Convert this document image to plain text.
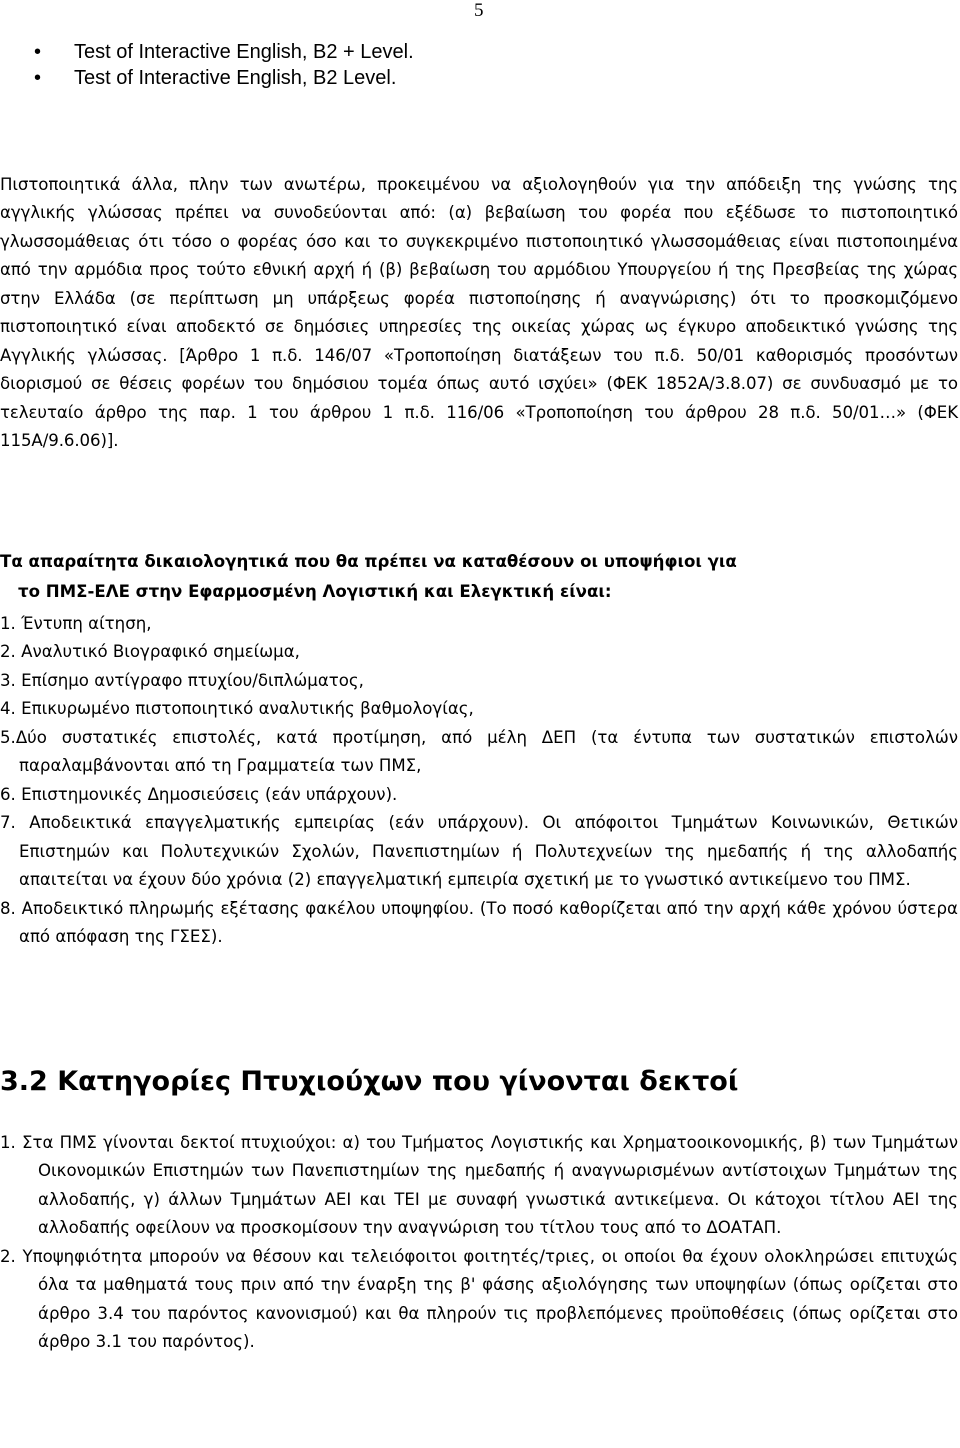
5
• Test of Interactive English, B2 + Level.
• Test of Interactive English, B2 Level.

Πιστοποιητικά άλλα, πλην των ανωτέρω, προκειμένου να αξιολογηθούν για την απόδειξη της γνώσης της αγγλικής γλώσσας πρέπει να συνοδεύονται από: (α) βεβαίωση του φορέα που εξέδωσε το πιστοποιητικό γλωσσομάθειας ότι τόσο ο φορέας όσο και το συγκεκριμένο πιστοποιητικό γλωσσομάθειας είναι πιστοποιημένα από την αρμόδια προς τούτο εθνική αρχή ή (β) βεβαίωση του αρμόδιου Υπουργείου ή της Πρεσβείας της χώρας στην Ελλάδα (σε περίπτωση μη υπάρξεως φορέα πιστοποίησης ή αναγνώρισης) ότι το προσκομιζόμενο πιστοποιητικό είναι αποδεκτό σε δημόσιες υπηρεσίες της οικείας χώρας ως έγκυρο αποδεικτικό γνώσης της Αγγλικής γλώσσας. [Άρθρο 1 π.δ. 146/07 «Τροποποίηση διατάξεων του π.δ. 50/01 καθορισμός προσόντων διορισμού σε θέσεις φορέων του δημόσιου τομέα όπως αυτό ισχύει» (ΦΕΚ 1852Α/3.8.07) σε συνδυασμό με το τελευταίο άρθρο της παρ. 1 του άρθρου 1 π.δ. 116/06 «Τροποποίηση του άρθρου 28 π.δ. 50/01…» (ΦΕΚ 115Α/9.6.06)].

Τα απαραίτητα δικαιολογητικά που θα πρέπει να καταθέσουν οι υποψήφιοι για
το ΠΜΣ-ΕΛΕ στην Εφαρμοσμένη Λογιστική και Ελεγκτική είναι:

1. Έντυπη αίτηση,
2. Αναλυτικό Βιογραφικό σημείωμα,
3. Επίσημο αντίγραφο πτυχίου/διπλώματος,
4. Επικυρωμένο πιστοποιητικό αναλυτικής βαθμολογίας,
5.Δύο συστατικές επιστολές, κατά προτίμηση, από μέλη ΔΕΠ (τα έντυπα των συστατικών επιστολών παραλαμβάνονται από τη Γραμματεία των ΠΜΣ,
6. Επιστημονικές Δημοσιεύσεις (εάν υπάρχουν).
7. Αποδεικτικά επαγγελματικής εμπειρίας (εάν υπάρχουν). Οι απόφοιτοι Τμημάτων Κοινωνικών, Θετικών Επιστημών και Πολυτεχνικών Σχολών, Πανεπιστημίων ή Πολυτεχνείων της ημεδαπής ή της αλλοδαπής απαιτείται να έχουν δύο χρόνια (2) επαγγελματική εμπειρία σχετική με το γνωστικό αντικείμενο του ΠΜΣ.
8. Αποδεικτικό πληρωμής εξέτασης φακέλου υποψηφίου. (Το ποσό καθορίζεται από την αρχή κάθε χρόνου ύστερα από απόφαση της ΓΣΕΣ).
3.2 Κατηγορίες Πτυχιούχων που γίνονται δεκτοί
1. Στα ΠΜΣ γίνονται δεκτοί πτυχιούχοι: α) του Τμήματος Λογιστικής και Χρηματοοικονομικής, β) των Τμημάτων Οικονομικών Επιστημών των Πανεπιστημίων της ημεδαπής ή αναγνωρισμένων αντίστοιχων Τμημάτων της αλλοδαπής, γ) άλλων Τμημάτων ΑΕΙ και ΤΕΙ με συναφή γνωστικά αντικείμενα. Οι κάτοχοι τίτλου ΑΕΙ της αλλοδαπής οφείλουν να προσκομίσουν την αναγνώριση του τίτλου τους από το ΔΟΑΤΑΠ.
2. Υποψηφιότητα μπορούν να θέσουν και τελειόφοιτοι φοιτητές/τριες, οι οποίοι θα έχουν ολοκληρώσει επιτυχώς όλα τα μαθηματά τους πριν από την έναρξη της β' φάσης αξιολόγησης των υποψηφίων (όπως ορίζεται στο άρθρο 3.4 του παρόντος κανονισμού) και θα πληρούν τις προβλεπόμενες προϋποθέσεις (όπως ορίζεται στο άρθρο 3.1 του παρόντος).
